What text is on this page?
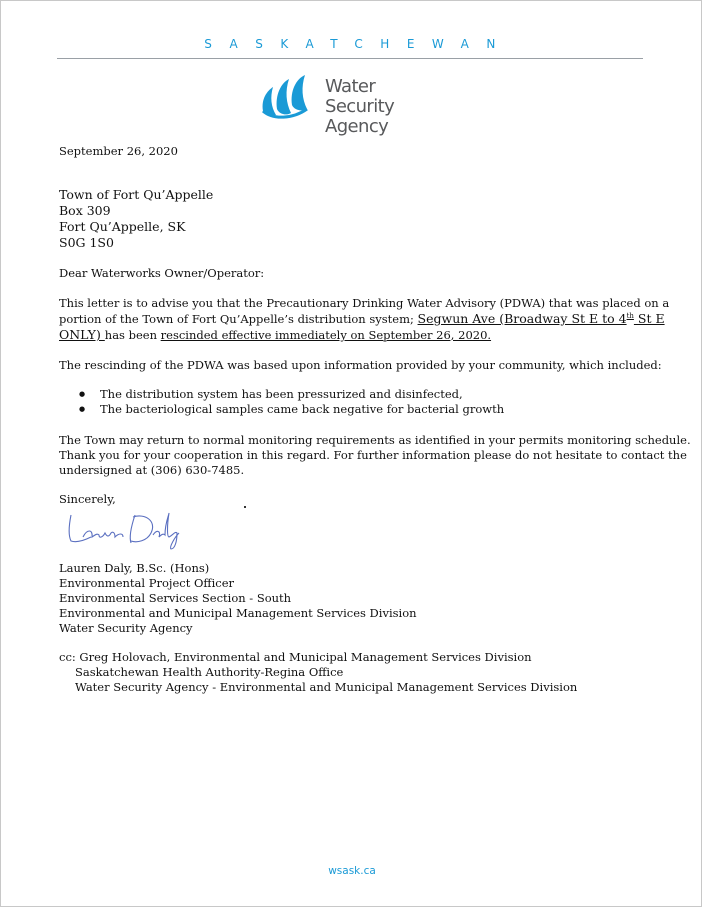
SASKATCHEWAN
Water Security
Agency
September 26, 2020
Town of Fort Qu’Appelle
Box 309
Fort Qu’Appelle, SK
S0G 1S0
Dear Waterworks Owner/Operator:
This letter is to advise you that the Precautionary Drinking Water Advisory (PDWA) that was placed on a
portion of the Town of Fort Qu’Appelle’s distribution system; Segwun Ave (Broadway St E to 4th St E
ONLY) has been rescinded effective immediately on September 26, 2020.
The rescinding of the PDWA was based upon information provided by your community, which included:
● The distribution system has been pressurized and disinfected,
● The bacteriological samples came back negative for bacterial growth
The Town may return to normal monitoring requirements as identified in your permits monitoring schedule.
Thank you for your cooperation in this regard. For further information please do not hesitate to contact the
undersigned at (306) 630-7485.
Sincerely,
Lauren Daly, B.Sc. (Hons)
Environmental Project Officer
Environmental Services Section - South
Environmental and Municipal Management Services Division
Water Security Agency
cc: Greg Holovach, Environmental and Municipal Management Services Division
Saskatchewan Health Authority-Regina Office
Water Security Agency - Environmental and Municipal Management Services Division
wsask.ca
